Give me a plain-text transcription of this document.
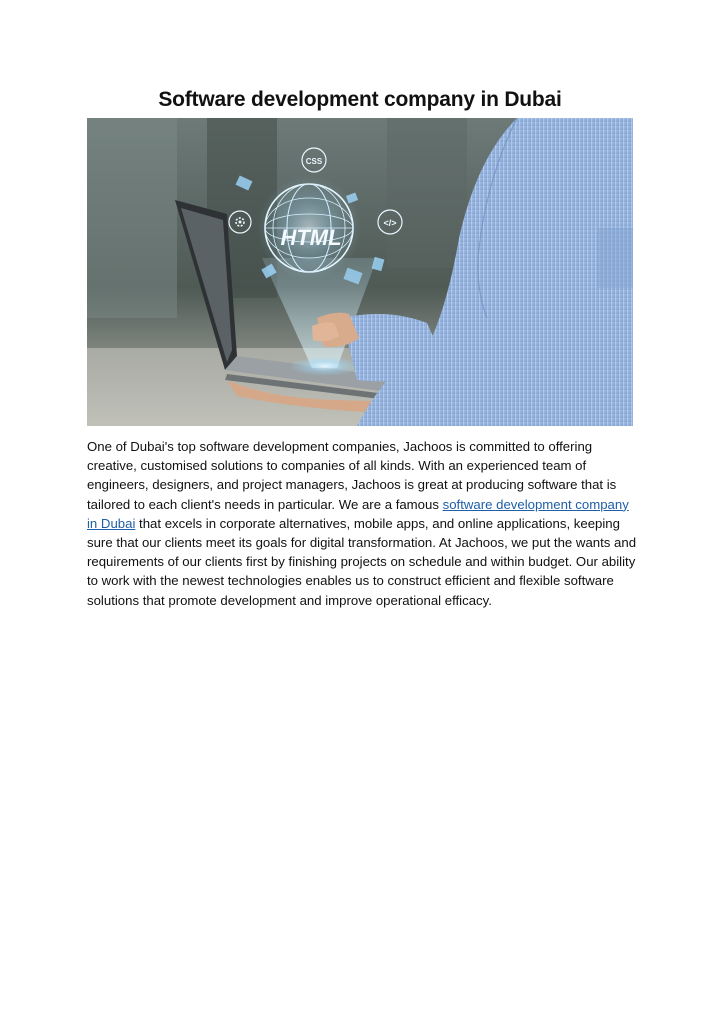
Software development company in Dubai
HTML
CSS
</>

One of Dubai's top software development companies, Jachoos is committed to offering creative, customised solutions to companies of all kinds. With an experienced team of engineers, designers, and project managers, Jachoos is great at producing software that is tailored to each client's needs in particular. We are a famous software development company in Dubai that excels in corporate alternatives, mobile apps, and online applications, keeping sure that our clients meet its goals for digital transformation. At Jachoos, we put the wants and requirements of our clients first by finishing projects on schedule and within budget. Our ability to work with the newest technologies enables us to construct efficient and flexible software solutions that promote development and improve operational efficacy.
